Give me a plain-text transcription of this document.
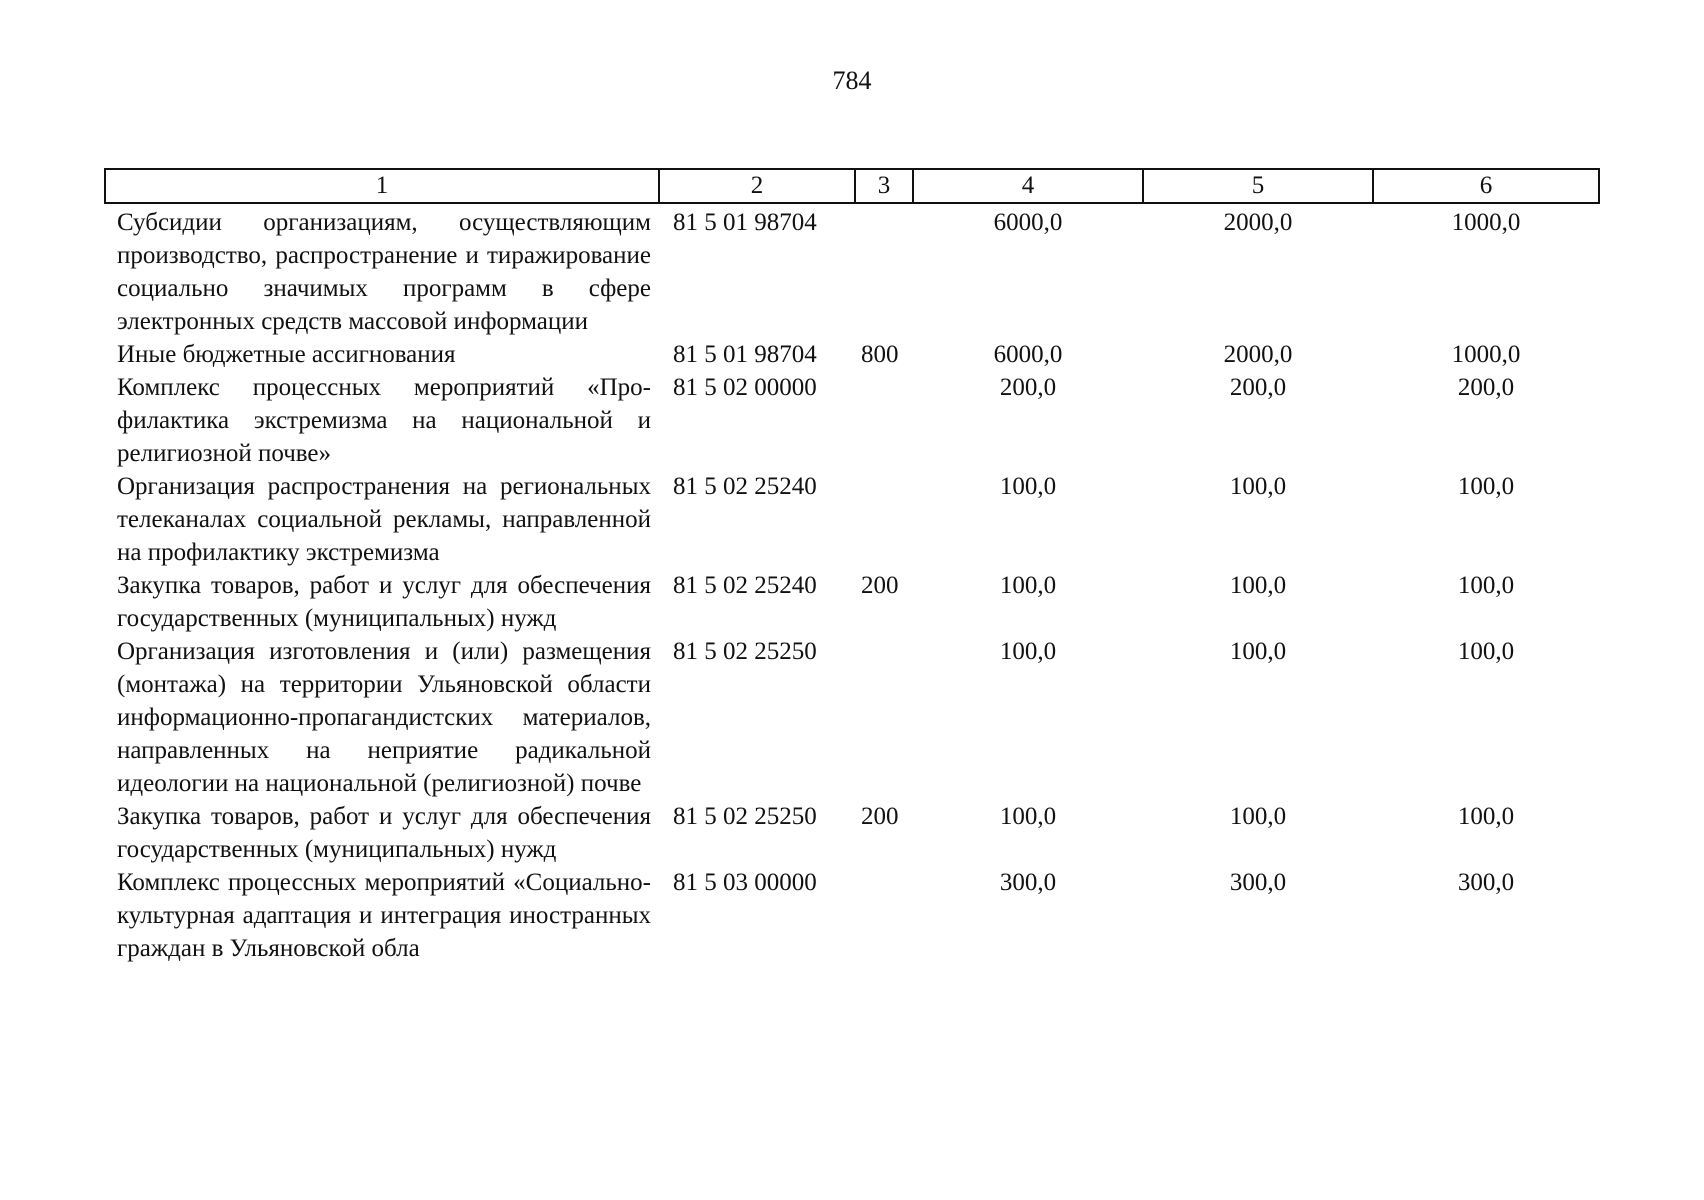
784
1	2	3	4	5	6
Субсидии организациям, осуществляющим производство, распространение и тиражирование социально значимых программ в сфере электронных средств массовой информации	81 5 01 98704		6000,0	2000,0	1000,0
Иные бюджетные ассигнования	81 5 01 98704	800	6000,0	2000,0	1000,0
Комплекс процессных мероприятий «Профилактика экстремизма на национальной и религиозной почве»	81 5 02 00000		200,0	200,0	200,0
Организация распространения на региональных телеканалах социальной рекламы, направленной на профилактику экстремизма	81 5 02 25240		100,0	100,0	100,0
Закупка товаров, работ и услуг для обеспечения государственных (муниципальных) нужд	81 5 02 25240	200	100,0	100,0	100,0
Организация изготовления и (или) размещения (монтажа) на территории Ульяновской области информационно-пропагандистских материалов, направленных на неприятие радикальной идеологии на национальной (религиозной) почве	81 5 02 25250		100,0	100,0	100,0
Закупка товаров, работ и услуг для обеспечения государственных (муниципальных) нужд	81 5 02 25250	200	100,0	100,0	100,0
Комплекс процессных мероприятий «Социально-культурная адаптация и интеграция иностранных граждан в Ульяновской обла	81 5 03 00000		300,0	300,0	300,0
